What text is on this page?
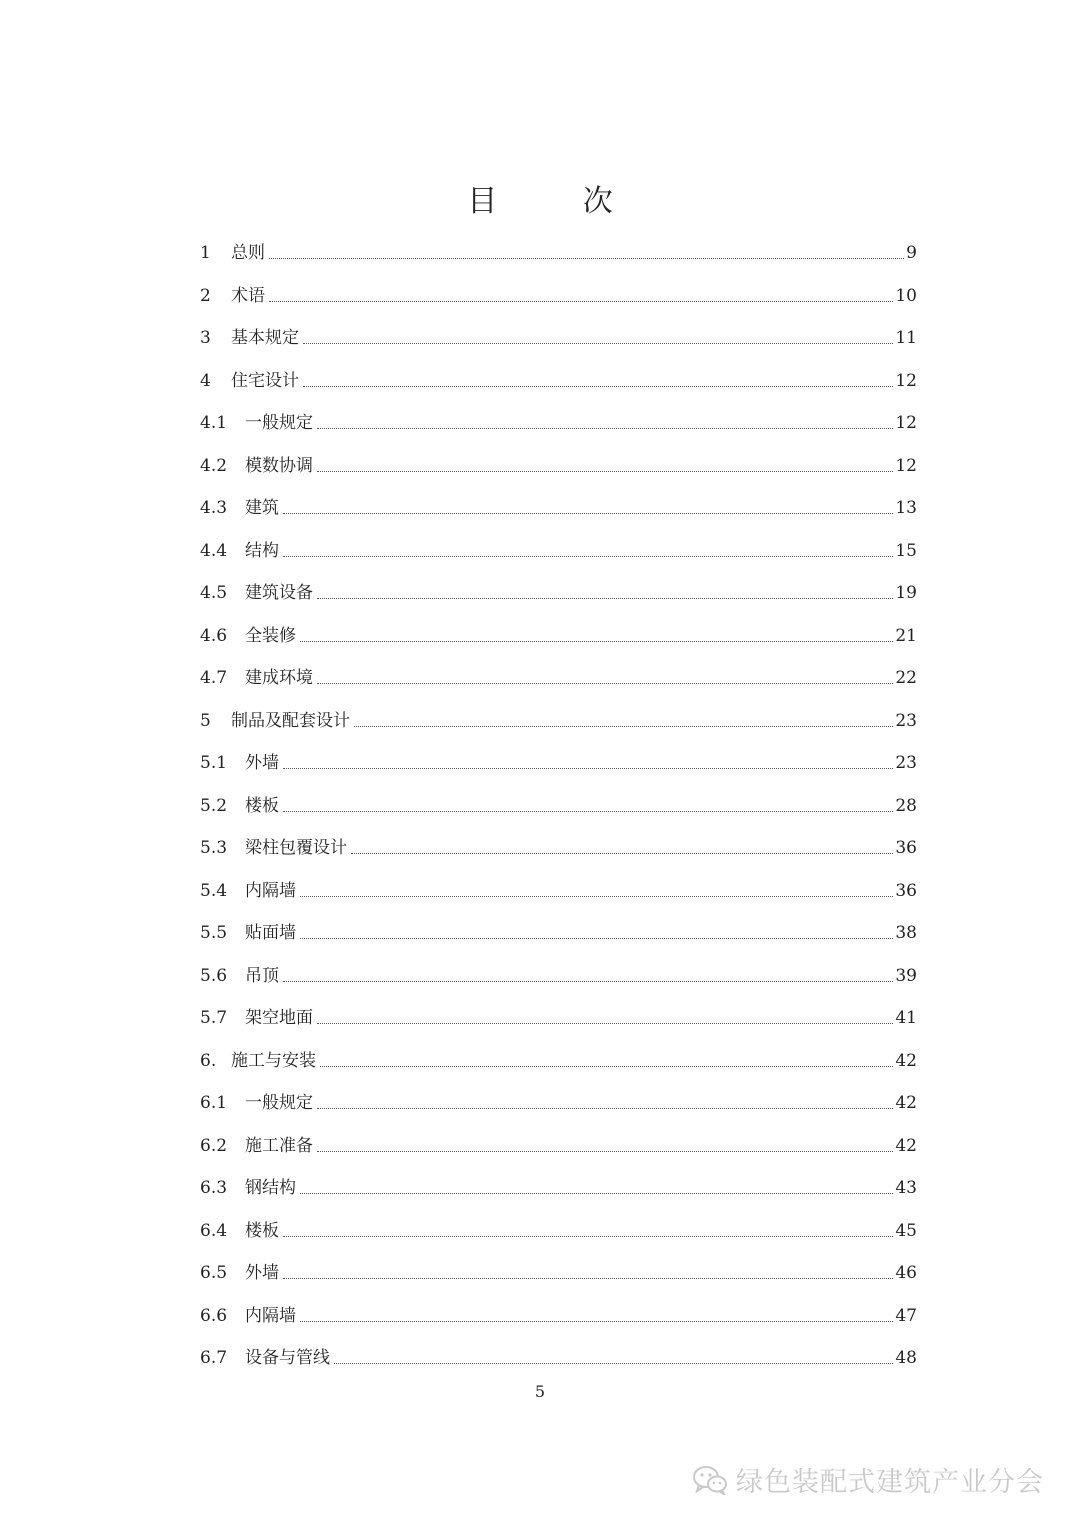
目 次
1	总则	9
2	术语	10
3	基本规定	11
4	住宅设计	12
4.1	一般规定	12
4.2	模数协调	12
4.3	建筑	13
4.4	结构	15
4.5	建筑设备	19
4.6	全装修	21
4.7	建成环境	22
5	制品及配套设计	23
5.1	外墙	23
5.2	楼板	28
5.3	梁柱包覆设计	36
5.4	内隔墙	36
5.5	贴面墙	38
5.6	吊顶	39
5.7	架空地面	41
6. 施工与安装	42
6.1	一般规定	42
6.2	施工准备	42
6.3	钢结构	43
6.4	楼板	45
6.5	外墙	46
6.6	内隔墙	47
6.7	设备与管线	48
5
绿色装配式建筑产业分会
